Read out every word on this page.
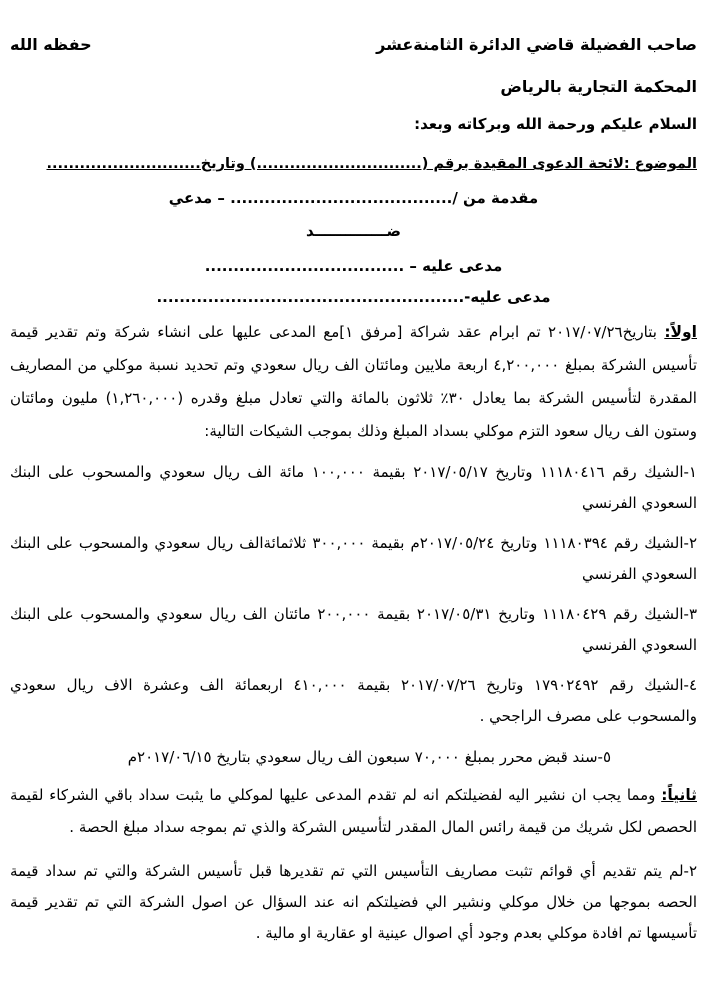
صاحب الفضيلة قاضي الدائرة الثامنةعشر
حفظه الله
المحكمة التجارية بالرياض
السلام عليكم ورحمة الله وبركاته وبعد:
الموضوع :لائحة الدعوى المقيدة برقم (..............................) وتاريخ............................
مقدمة من /....................................... – مدعي
ضــــــــــــــد
مدعى عليه – ...................................
مدعى عليه-......................................................
اولاً: بتاريخ٢٠١٧/٠٧/٢٦ تم ابرام عقد شراكة [مرفق ١]مع المدعى عليها على انشاء شركة وتم تقدير قيمة تأسيس الشركة بمبلغ ٤,٢٠٠,٠٠٠ اربعة ملايين ومائتان الف ريال سعودي وتم تحديد نسبة موكلي من المصاريف المقدرة لتأسيس الشركة بما يعادل ٣٠٪ ثلاثون بالمائة والتي تعادل مبلغ وقدره (١,٢٦٠,٠٠٠) مليون ومائتان وستون الف ريال سعود التزم موكلي بسداد المبلغ وذلك بموجب الشيكات التالية:
١-الشيك رقم ١١١٨٠٤١٦ وتاريخ ٢٠١٧/٠٥/١٧ بقيمة ١٠٠,٠٠٠ مائة الف ريال سعودي والمسحوب على البنك السعودي الفرنسي
٢-الشيك رقم ١١١٨٠٣٩٤ وتاريخ ٢٠١٧/٠٥/٢٤م بقيمة ٣٠٠,٠٠٠ ثلاثمائةالف ريال سعودي والمسحوب على البنك السعودي الفرنسي
٣-الشيك رقم ١١١٨٠٤٢٩ وتاريخ ٢٠١٧/٠٥/٣١ بقيمة ٢٠٠,٠٠٠ مائتان الف ريال سعودي والمسحوب على البنك السعودي الفرنسي
٤-الشيك رقم ١٧٩٠٢٤٩٢ وتاريخ ٢٠١٧/٠٧/٢٦ بقيمة ٤١٠,٠٠٠ اربعمائة الف وعشرة الاف ريال سعودي والمسحوب على مصرف الراجحي .
٥-سند قبض محرر بمبلغ ٧٠,٠٠٠ سبعون الف ريال سعودي بتاريخ ٢٠١٧/٠٦/١٥م
ثانياً: ومما يجب ان نشير اليه لفضيلتكم انه لم تقدم المدعى عليها لموكلي ما يثبت سداد باقي الشركاء لقيمة الحصص لكل شريك من قيمة رائس المال المقدر لتأسيس الشركة والذي تم بموجه سداد مبلغ الحصة .
٢-لم يتم تقديم أي قوائم تثبت مصاريف التأسيس التي تم تقديرها قبل تأسيس الشركة والتي تم سداد قيمة الحصه بموجها من خلال موكلي ونشير الي فضيلتكم انه عند السؤال عن اصول الشركة التي تم تقدير قيمة تأسيسها تم افادة موكلي بعدم وجود أي اصوال عينية او عقارية او مالية .
